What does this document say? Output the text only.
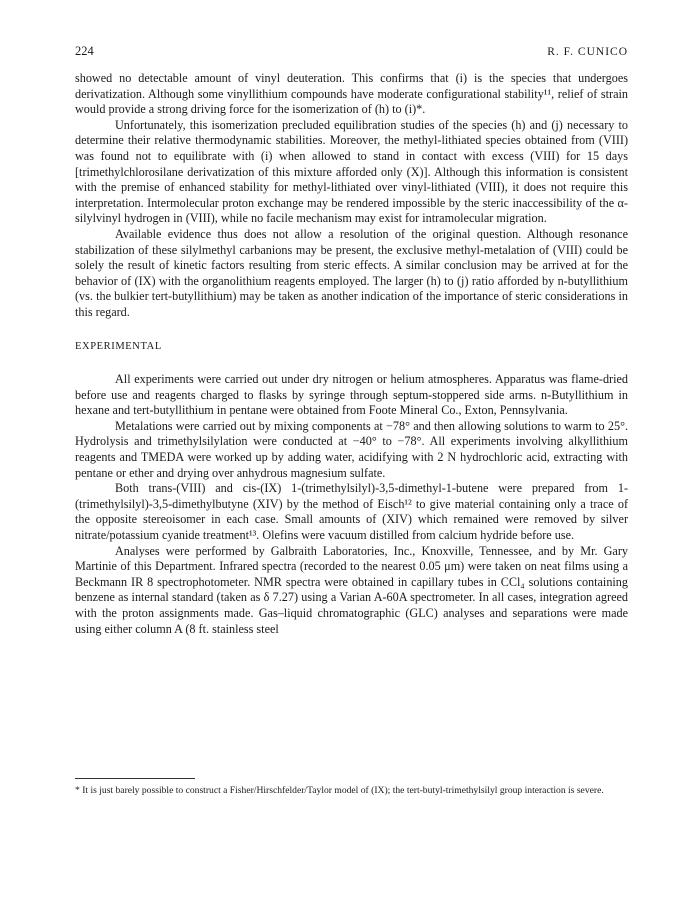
224	R. F. CUNICO

showed no detectable amount of vinyl deuteration. This confirms that (i) is the species that undergoes derivatization. Although some vinyllithium compounds have moderate configurational stability¹¹, relief of strain would provide a strong driving force for the isomerization of (h) to (i)*.

Unfortunately, this isomerization precluded equilibration studies of the species (h) and (j) necessary to determine their relative thermodynamic stabilities. Moreover, the methyl-lithiated species obtained from (VIII) was found not to equilibrate with (i) when allowed to stand in contact with excess (VIII) for 15 days [trimethylchlorosilane derivatization of this mixture afforded only (X)]. Although this information is consistent with the premise of enhanced stability for methyl-lithiated over vinyl-lithiated (VIII), it does not require this interpretation. Intermolecular proton exchange may be rendered impossible by the steric inaccessibility of the α-silylvinyl hydrogen in (VIII), while no facile mechanism may exist for intramolecular migration.

Available evidence thus does not allow a resolution of the original question. Although resonance stabilization of these silylmethyl carbanions may be present, the exclusive methyl-metalation of (VIII) could be solely the result of kinetic factors resulting from steric effects. A similar conclusion may be arrived at for the behavior of (IX) with the organolithium reagents employed. The larger (h) to (j) ratio afforded by n-butyllithium (vs. the bulkier tert-butyllithium) may be taken as another indication of the importance of steric considerations in this regard.

EXPERIMENTAL

All experiments were carried out under dry nitrogen or helium atmospheres. Apparatus was flame-dried before use and reagents charged to flasks by syringe through septum-stoppered side arms. n-Butyllithium in hexane and tert-butyllithium in pentane were obtained from Foote Mineral Co., Exton, Pennsylvania.

Metalations were carried out by mixing components at −78° and then allowing solutions to warm to 25°. Hydrolysis and trimethylsilylation were conducted at −40° to −78°. All experiments involving alkyllithium reagents and TMEDA were worked up by adding water, acidifying with 2 N hydrochloric acid, extracting with pentane or ether and drying over anhydrous magnesium sulfate.

Both trans-(VIII) and cis-(IX) 1-(trimethylsilyl)-3,5-dimethyl-1-butene were prepared from 1-(trimethylsilyl)-3,5-dimethylbutyne (XIV) by the method of Eisch¹² to give material containing only a trace of the opposite stereoisomer in each case. Small amounts of (XIV) which remained were removed by silver nitrate/potassium cyanide treatment¹³. Olefins were vacuum distilled from calcium hydride before use.

Analyses were performed by Galbraith Laboratories, Inc., Knoxville, Tennessee, and by Mr. Gary Martinie of this Department. Infrared spectra (recorded to the nearest 0.05 μm) were taken on neat films using a Beckmann IR 8 spectrophotometer. NMR spectra were obtained in capillary tubes in CCl₄ solutions containing benzene as internal standard (taken as δ 7.27) using a Varian A-60A spectrometer. In all cases, integration agreed with the proton assignments made. Gas–liquid chromatographic (GLC) analyses and separations were made using either column A (8 ft. stainless steel

* It is just barely possible to construct a Fisher/Hirschfelder/Taylor model of (IX); the tert-butyl-trimethylsilyl group interaction is severe.
